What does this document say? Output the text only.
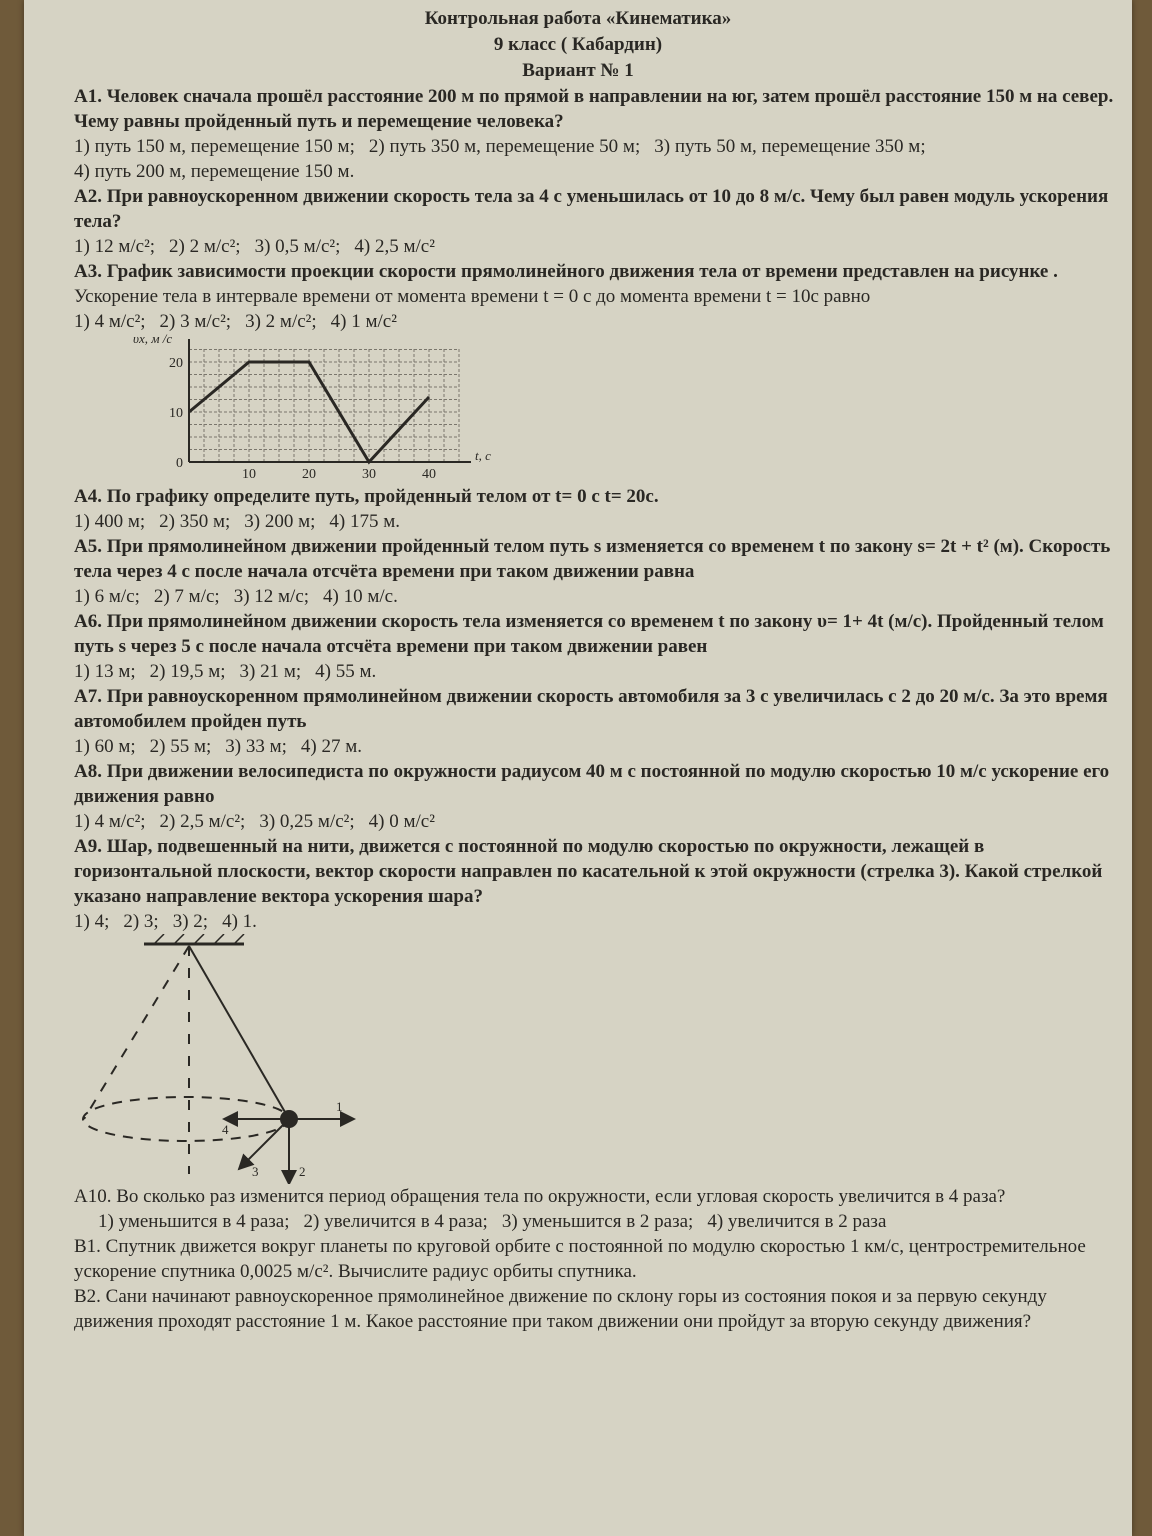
Контрольная работа «Кинематика»
9 класс ( Кабардин)
Вариант № 1
А1. Человек сначала прошёл расстояние 200 м по прямой в направлении на юг, затем прошёл расстояние 150 м на север. Чему равны пройденный путь и перемещение человека?
1) путь 150 м, перемещение 150 м; 2) путь 350 м, перемещение 50 м; 3) путь 50 м, перемещение 350 м;
4) путь 200 м, перемещение 150 м.
А2. При равноускоренном движении скорость тела за 4 с уменьшилась от 10 до 8 м/с. Чему был равен модуль ускорения тела?
1) 12 м/с²; 2) 2 м/с²; 3) 0,5 м/с²; 4) 2,5 м/с²
А3. График зависимости проекции скорости прямолинейного движения тела от времени представлен на рисунке .
Ускорение тела в интервале времени от момента времени t = 0 с до момента времени t = 10с равно
1) 4 м/с²; 2) 3 м/с²; 3) 2 м/с²; 4) 1 м/с²
t, c
υx, м /с
10	20	30	40
0
10
20
А4. По графику определите путь, пройденный телом от t= 0 с t= 20с.
1) 400 м; 2) 350 м; 3) 200 м; 4) 175 м.
А5. При прямолинейном движении пройденный телом путь s изменяется со временем t по закону s= 2t + t² (м). Скорость тела через 4 с после начала отсчёта времени при таком движении равна
1) 6 м/с; 2) 7 м/с; 3) 12 м/с; 4) 10 м/с.
А6. При прямолинейном движении скорость тела изменяется со временем t по закону υ= 1+ 4t (м/с). Пройденный телом путь s через 5 с после начала отсчёта времени при таком движении равен
1) 13 м; 2) 19,5 м; 3) 21 м; 4) 55 м.
А7. При равноускоренном прямолинейном движении скорость автомобиля за 3 с увеличилась с 2 до 20 м/с. За это время автомобилем пройден путь
1) 60 м; 2) 55 м; 3) 33 м; 4) 27 м.
А8. При движении велосипедиста по окружности радиусом 40 м с постоянной по модулю скоростью 10 м/с ускорение его движения равно
1) 4 м/с²; 2) 2,5 м/с²; 3) 0,25 м/с²; 4) 0 м/с²
А9. Шар, подвешенный на нити, движется с постоянной по модулю скоростью по окружности, лежащей в горизонтальной плоскости, вектор скорости направлен по касательной к этой окружности (стрелка 3). Какой стрелкой указано направление вектора ускорения шара?
1) 4; 2) 3; 3) 2; 4) 1.
1
2
3
4
А10. Во сколько раз изменится период обращения тела по окружности, если угловая скорость увеличится в 4 раза?
1) уменьшится в 4 раза; 2) увеличится в 4 раза; 3) уменьшится в 2 раза; 4) увеличится в 2 раза
В1. Спутник движется вокруг планеты по круговой орбите с постоянной по модулю скоростью 1 км/с, центростремительное ускорение спутника 0,0025 м/с². Вычислите радиус орбиты спутника.
В2. Сани начинают равноускоренное прямолинейное движение по склону горы из состояния покоя и за первую секунду движения проходят расстояние 1 м. Какое расстояние при таком движении они пройдут за вторую секунду движения?
